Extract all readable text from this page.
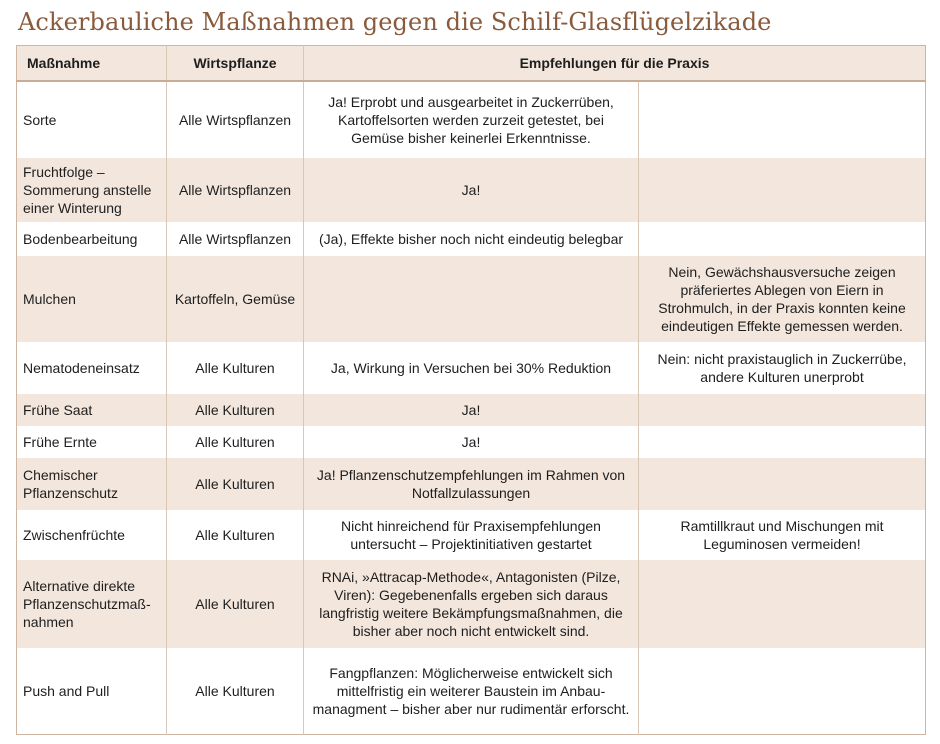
Ackerbauliche Maßnahmen gegen die Schilf-Glasflügelzikade
Maßnahme	Wirtspflanze	Empfehlungen für die Praxis	
Sorte	Alle Wirtspflanzen	Ja! Erprobt und ausgearbeitet in Zuckerrüben, Kartoffelsorten werden zurzeit getestet, bei Gemüse bisher keinerlei Erkenntnisse.	
Fruchtfolge – Sommerung anstelle einer Winterung	Alle Wirtspflanzen	Ja!	
Bodenbearbeitung	Alle Wirtspflanzen	(Ja), Effekte bisher noch nicht eindeutig belegbar	
Mulchen	Kartoffeln, Gemüse		Nein, Gewächshausversuche zeigen präferiertes Ablegen von Eiern in Strohmulch, in der Praxis konnten keine eindeutigen Effekte gemessen werden.
Nematodeneinsatz	Alle Kulturen	Ja, Wirkung in Versuchen bei 30% Reduktion	Nein: nicht praxistauglich in Zuckerrübe, andere Kulturen unerprobt
Frühe Saat	Alle Kulturen	Ja!	
Frühe Ernte	Alle Kulturen	Ja!	
Chemischer Pflanzenschutz	Alle Kulturen	Ja! Pflanzenschutzempfehlungen im Rahmen von Notfallzulassungen	
Zwischenfrüchte	Alle Kulturen	Nicht hinreichend für Praxisempfehlungen untersucht – Projektinitiativen gestartet	Ramtillkraut und Mischungen mit Leguminosen vermeiden!
Alternative direkte Pflanzenschutzmaßnahmen	Alle Kulturen	RNAi, »Attracap-Methode«, Antagonisten (Pilze, Viren): Gegebenenfalls ergeben sich daraus langfristig weitere Bekämpfungsmaßnahmen, die bisher aber noch nicht entwickelt sind.	
Push and Pull	Alle Kulturen	Fangpflanzen: Möglicherweise entwickelt sich mittelfristig ein weiterer Baustein im Anbaumanagment – bisher aber nur rudimentär erforscht.	
